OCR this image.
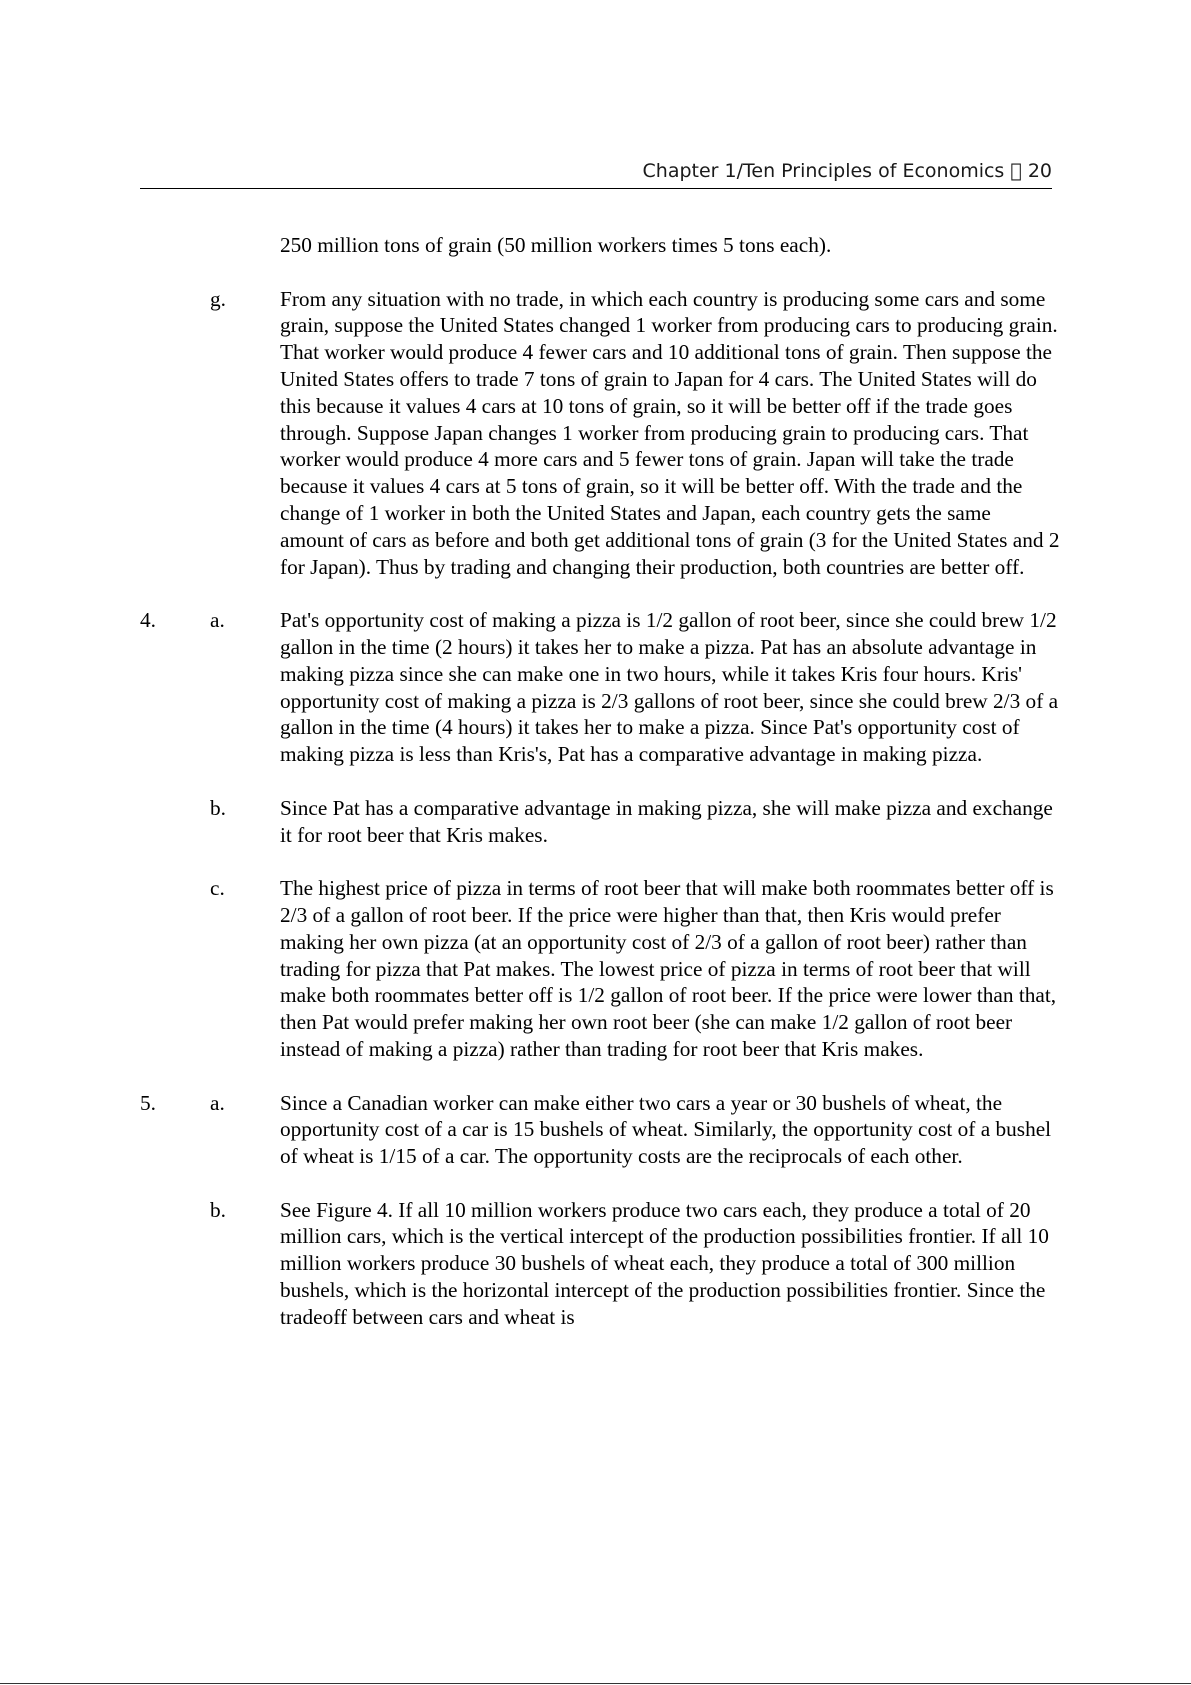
Chapter 1/Ten Principles of Economics 20
250 million tons of grain (50 million workers times 5 tons each).
g.	From any situation with no trade, in which each country is producing some cars and some grain, suppose the United States changed 1 worker from producing cars to producing grain. That worker would produce 4 fewer cars and 10 additional tons of grain. Then suppose the United States offers to trade 7 tons of grain to Japan for 4 cars. The United States will do this because it values 4 cars at 10 tons of grain, so it will be better off if the trade goes through. Suppose Japan changes 1 worker from producing grain to producing cars. That worker would produce 4 more cars and 5 fewer tons of grain. Japan will take the trade because it values 4 cars at 5 tons of grain, so it will be better off. With the trade and the change of 1 worker in both the United States and Japan, each country gets the same amount of cars as before and both get additional tons of grain (3 for the United States and 2 for Japan). Thus by trading and changing their production, both countries are better off.
4.	a.	Pat's opportunity cost of making a pizza is 1/2 gallon of root beer, since she could brew 1/2 gallon in the time (2 hours) it takes her to make a pizza. Pat has an absolute advantage in making pizza since she can make one in two hours, while it takes Kris four hours. Kris' opportunity cost of making a pizza is 2/3 gallons of root beer, since she could brew 2/3 of a gallon in the time (4 hours) it takes her to make a pizza. Since Pat's opportunity cost of making pizza is less than Kris's, Pat has a comparative advantage in making pizza.
b.	Since Pat has a comparative advantage in making pizza, she will make pizza and exchange it for root beer that Kris makes.
c.	The highest price of pizza in terms of root beer that will make both roommates better off is 2/3 of a gallon of root beer. If the price were higher than that, then Kris would prefer making her own pizza (at an opportunity cost of 2/3 of a gallon of root beer) rather than trading for pizza that Pat makes. The lowest price of pizza in terms of root beer that will make both roommates better off is 1/2 gallon of root beer. If the price were lower than that, then Pat would prefer making her own root beer (she can make 1/2 gallon of root beer instead of making a pizza) rather than trading for root beer that Kris makes.
5.	a.	Since a Canadian worker can make either two cars a year or 30 bushels of wheat, the opportunity cost of a car is 15 bushels of wheat. Similarly, the opportunity cost of a bushel of wheat is 1/15 of a car. The opportunity costs are the reciprocals of each other.
b.	See Figure 4. If all 10 million workers produce two cars each, they produce a total of 20 million cars, which is the vertical intercept of the production possibilities frontier. If all 10 million workers produce 30 bushels of wheat each, they produce a total of 300 million bushels, which is the horizontal intercept of the production possibilities frontier. Since the tradeoff between cars and wheat is
